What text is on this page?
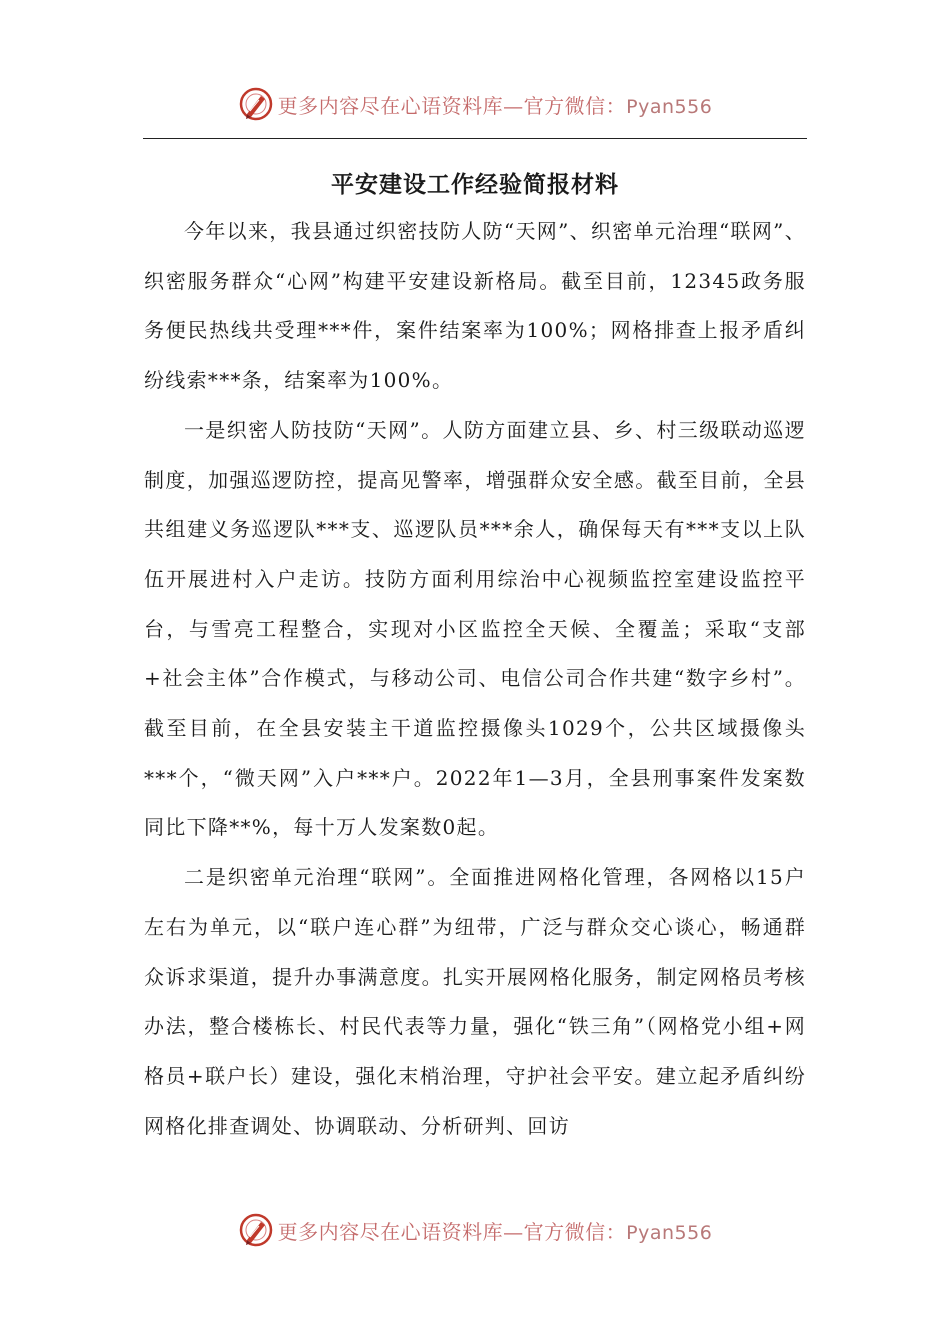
更多内容尽在心语资料库—官方微信：Pyan556
平安建设工作经验简报材料

今年以来，我县通过织密技防人防“天网”、织密单元治理“联网”、织密服务群众“心网”构建平安建设新格局。截至目前，12345政务服务便民热线共受理***件，案件结案率为100%；网格排查上报矛盾纠纷线索***条，结案率为100%。

一是织密人防技防“天网”。人防方面建立县、乡、村三级联动巡逻制度，加强巡逻防控，提高见警率，增强群众安全感。截至目前，全县共组建义务巡逻队***支、巡逻队员***余人，确保每天有***支以上队伍开展进村入户走访。技防方面利用综治中心视频监控室建设监控平台，与雪亮工程整合，实现对小区监控全天候、全覆盖；采取“支部+社会主体”合作模式，与移动公司、电信公司合作共建“数字乡村”。截至目前，在全县安装主干道监控摄像头1029个，公共区域摄像头***个，“微天网”入户***户。2022年1—3月，全县刑事案件发案数同比下降**%，每十万人发案数0起。

二是织密单元治理“联网”。全面推进网格化管理，各网格以15户左右为单元，以“联户连心群”为纽带，广泛与群众交心谈心，畅通群众诉求渠道，提升办事满意度。扎实开展网格化服务，制定网格员考核办法，整合楼栋长、村民代表等力量，强化“铁三角”（网格党小组+网格员+联户长）建设，强化末梢治理，守护社会平安。建立起矛盾纠纷网格化排查调处、协调联动、分析研判、回访

更多内容尽在心语资料库—官方微信：Pyan556
